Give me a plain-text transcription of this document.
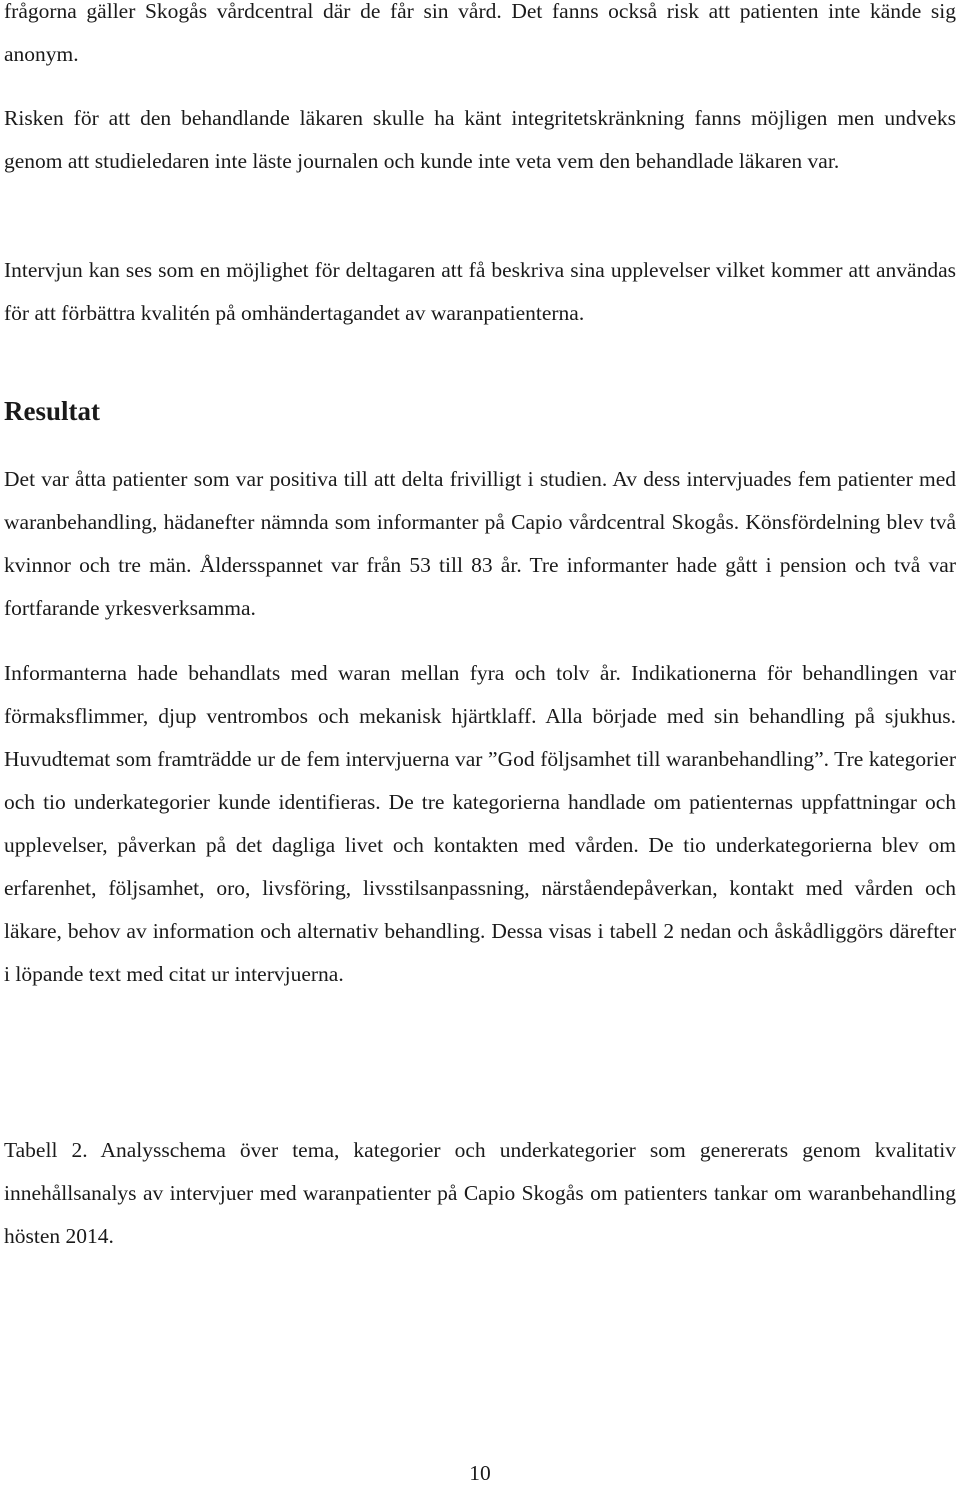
frågorna gäller Skogås vårdcentral där de får sin vård. Det fanns också risk att patienten inte kände sig anonym.

Risken för att den behandlande läkaren skulle ha känt integritetskränkning fanns möjligen men undveks genom att studieledaren inte läste journalen och kunde inte veta vem den behandlade läkaren var.

Intervjun kan ses som en möjlighet för deltagaren att få beskriva sina upplevelser vilket kommer att användas för att förbättra kvalitén på omhändertagandet av waranpatienterna.

Resultat

Det var åtta patienter som var positiva till att delta frivilligt i studien. Av dess intervjuades fem patienter med waranbehandling, hädanefter nämnda som informanter på Capio vårdcentral Skogås. Könsfördelning blev två kvinnor och tre män. Åldersspannet var från 53 till 83 år. Tre informanter hade gått i pension och två var fortfarande yrkesverksamma.

Informanterna hade behandlats med waran mellan fyra och tolv år. Indikationerna för behandlingen var förmaksflimmer, djup ventrombos och mekanisk hjärtklaff. Alla började med sin behandling på sjukhus. Huvudtemat som framträdde ur de fem intervjuerna var ”God följsamhet till waranbehandling”. Tre kategorier och tio underkategorier kunde identifieras. De tre kategorierna handlade om patienternas uppfattningar och upplevelser, påverkan på det dagliga livet och kontakten med vården. De tio underkategorierna blev om erfarenhet, följsamhet, oro, livsföring, livsstilsanpassning, närståendepåverkan, kontakt med vården och läkare, behov av information och alternativ behandling. Dessa visas i tabell 2 nedan och åskådliggörs därefter i löpande text med citat ur intervjuerna.

Tabell 2. Analysschema över tema, kategorier och underkategorier som genererats genom kvalitativ innehållsanalys av intervjuer med waranpatienter på Capio Skogås om patienters tankar om waranbehandling hösten 2014.

10
